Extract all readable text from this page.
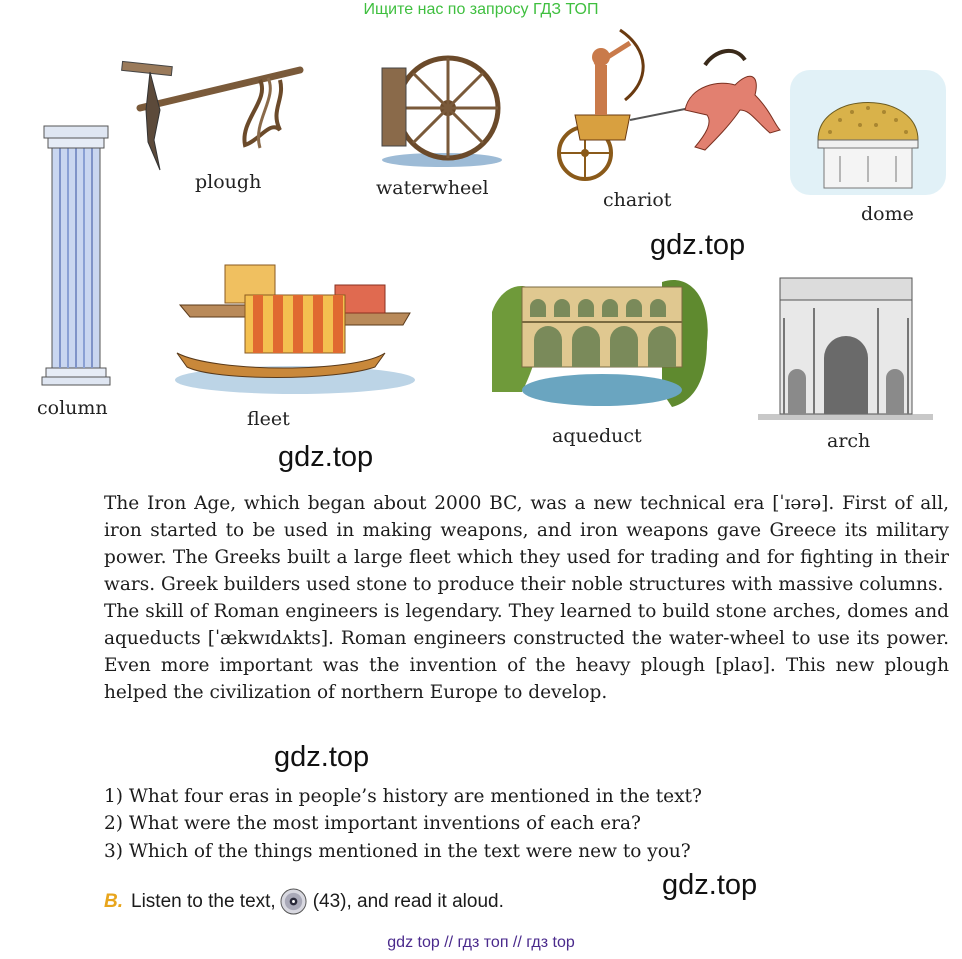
Ищите нас по запросу ГДЗ ТОП
column
plough	waterwheel
chariot
dome
fleet
aqueduct	arch
gdz.top
gdz.top
gdz.top
gdz.top

The Iron Age, which began about 2000 BC, was a new technical era [ˈɪərə]. First of all, iron started to be used in making weapons, and iron weapons gave Greece its military power. The Greeks built a large fleet which they used for trading and for fighting in their wars. Greek builders used stone to produce their noble structures with massive columns.

The skill of Roman engineers is legendary. They learned to build stone arches, domes and aqueducts [ˈækwɪdʌkts]. Roman engineers constructed the water-wheel to use its power. Even more important was the invention of the heavy plough [plaʊ]. This new plough helped the civilization of northern Europe to develop.

1) What four eras in people’s history are mentioned in the text?
2) What were the most important inventions of each era?
3) Which of the things mentioned in the text were new to you?
B. Listen to the text, (43), and read it aloud.
gdz top // гдз топ // гдз top
